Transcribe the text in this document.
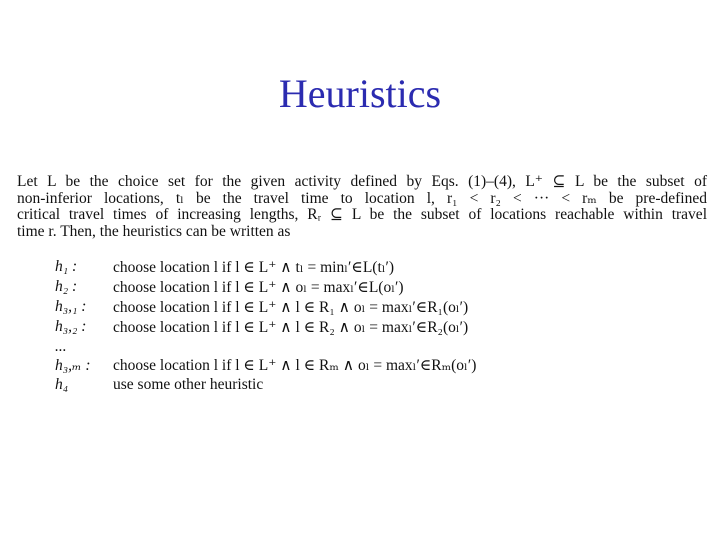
Heuristics
Let L be the choice set for the given activity defined by Eqs. (1)–(4), L⁺ ⊆ L be the subset of
non-inferior locations, tₗ be the travel time to location l, r₁ < r₂ < ··· < rₘ be pre-defined
critical travel times of increasing lengths, Rᵣ ⊆ L be the subset of locations reachable within travel
time r. Then, the heuristics can be written as
h₁ : choose location l if l ∈ L⁺ ∧ tₗ = minₗ′∈L(tₗ′)
h₂ : choose location l if l ∈ L⁺ ∧ oₗ = maxₗ′∈L(oₗ′)
h₃,₁ : choose location l if l ∈ L⁺ ∧ l ∈ R₁ ∧ oₗ = maxₗ′∈R₁(oₗ′)
h₃,₂ : choose location l if l ∈ L⁺ ∧ l ∈ R₂ ∧ oₗ = maxₗ′∈R₂(oₗ′)
...
h₃,ₘ : choose location l if l ∈ L⁺ ∧ l ∈ Rₘ ∧ oₗ = maxₗ′∈Rₘ(oₗ′)
h₄	use some other heuristic
